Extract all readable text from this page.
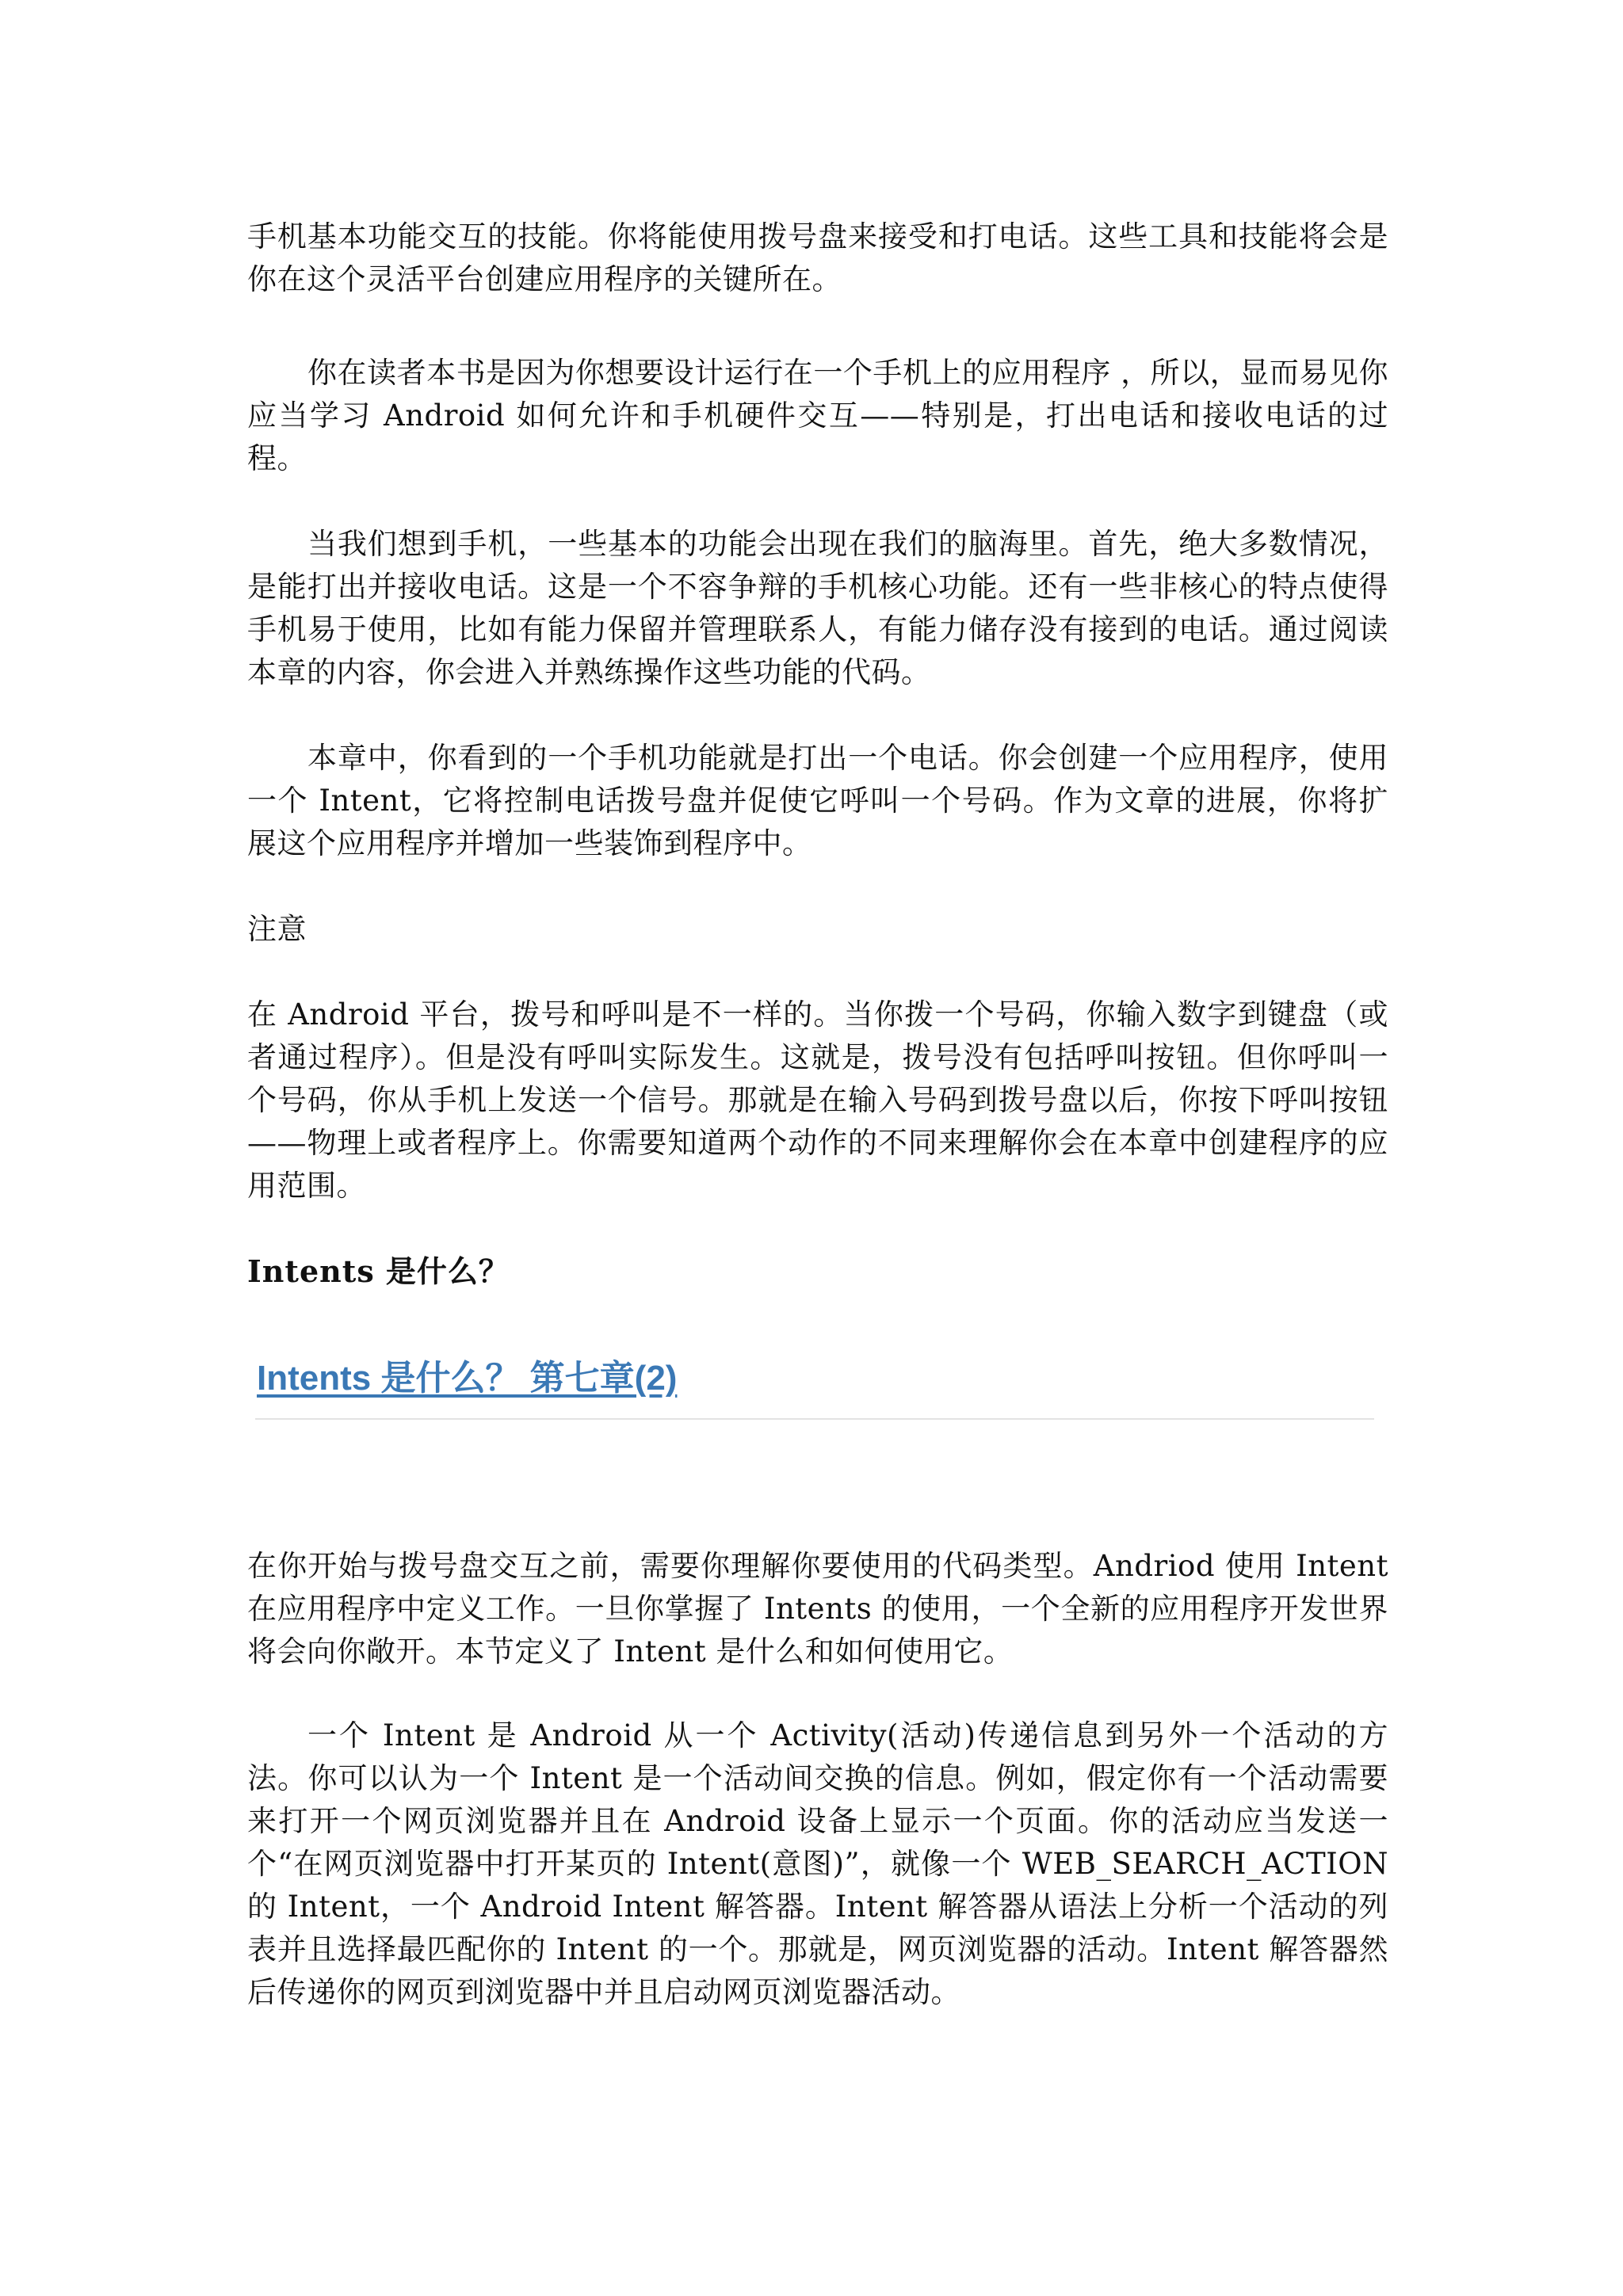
手机基本功能交互的技能。你将能使用拨号盘来接受和打电话。这些工具和技能将会是你在这个灵活平台创建应用程序的关键所在。

你在读者本书是因为你想要设计运行在一个手机上的应用程序 ，所以，显而易见你应当学习 Android 如何允许和手机硬件交互——特别是，打出电话和接收电话的过程。

当我们想到手机，一些基本的功能会出现在我们的脑海里。首先，绝大多数情况，是能打出并接收电话。这是一个不容争辩的手机核心功能。还有一些非核心的特点使得手机易于使用，比如有能力保留并管理联系人，有能力储存没有接到的电话。通过阅读本章的内容，你会进入并熟练操作这些功能的代码。

本章中，你看到的一个手机功能就是打出一个电话。你会创建一个应用程序，使用一个 Intent，它将控制电话拨号盘并促使它呼叫一个号码。作为文章的进展，你将扩展这个应用程序并增加一些装饰到程序中。

注意

在 Android 平台，拨号和呼叫是不一样的。当你拨一个号码，你输入数字到键盘（或者通过程序）。但是没有呼叫实际发生。这就是，拨号没有包括呼叫按钮。但你呼叫一个号码，你从手机上发送一个信号。那就是在输入号码到拨号盘以后，你按下呼叫按钮——物理上或者程序上。你需要知道两个动作的不同来理解你会在本章中创建程序的应用范围。

Intents 是什么？

Intents 是什么？ 第七章(2)

在你开始与拨号盘交互之前，需要你理解你要使用的代码类型。Andriod 使用 Intent 在应用程序中定义工作。一旦你掌握了 Intents 的使用，一个全新的应用程序开发世界将会向你敞开。本节定义了 Intent 是什么和如何使用它。

一个 Intent 是 Android 从一个 Activity(活动)传递信息到另外一个活动的方法。你可以认为一个 Intent 是一个活动间交换的信息。例如，假定你有一个活动需要来打开一个网页浏览器并且在 Android 设备上显示一个页面。你的活动应当发送一个“在网页浏览器中打开某页的 Intent(意图)”，就像一个 WEB_SEARCH_ACTION 的 Intent，一个 Android Intent 解答器。Intent 解答器从语法上分析一个活动的列表并且选择最匹配你的 Intent 的一个。那就是，网页浏览器的活动。Intent 解答器然后传递你的网页到浏览器中并且启动网页浏览器活动。
